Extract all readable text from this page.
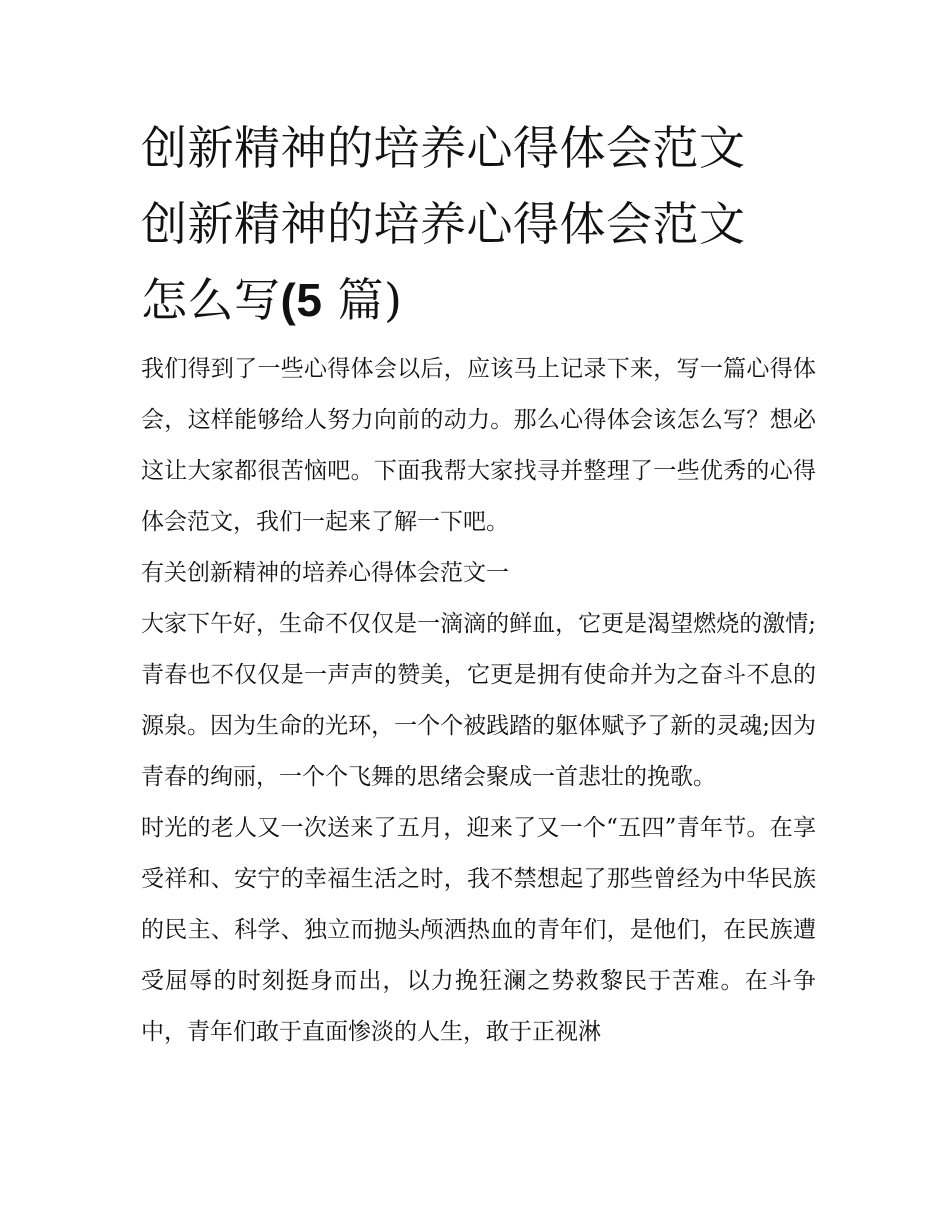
创新精神的培养心得体会范文
创新精神的培养心得体会范文
怎么写(5 篇)

我们得到了一些心得体会以后，应该马上记录下来，写一篇心得体会，这样能够给人努力向前的动力。那么心得体会该怎么写？想必这让大家都很苦恼吧。下面我帮大家找寻并整理了一些优秀的心得体会范文，我们一起来了解一下吧。

有关创新精神的培养心得体会范文一

大家下午好，生命不仅仅是一滴滴的鲜血，它更是渴望燃烧的激情;青春也不仅仅是一声声的赞美，它更是拥有使命并为之奋斗不息的源泉。因为生命的光环，一个个被践踏的躯体赋予了新的灵魂;因为青春的绚丽，一个个飞舞的思绪会聚成一首悲壮的挽歌。

时光的老人又一次送来了五月，迎来了又一个“五四”青年节。在享受祥和、安宁的幸福生活之时，我不禁想起了那些曾经为中华民族的民主、科学、独立而抛头颅洒热血的青年们，是他们，在民族遭受屈辱的时刻挺身而出，以力挽狂澜之势救黎民于苦难。在斗争中，青年们敢于直面惨淡的人生，敢于正视淋
